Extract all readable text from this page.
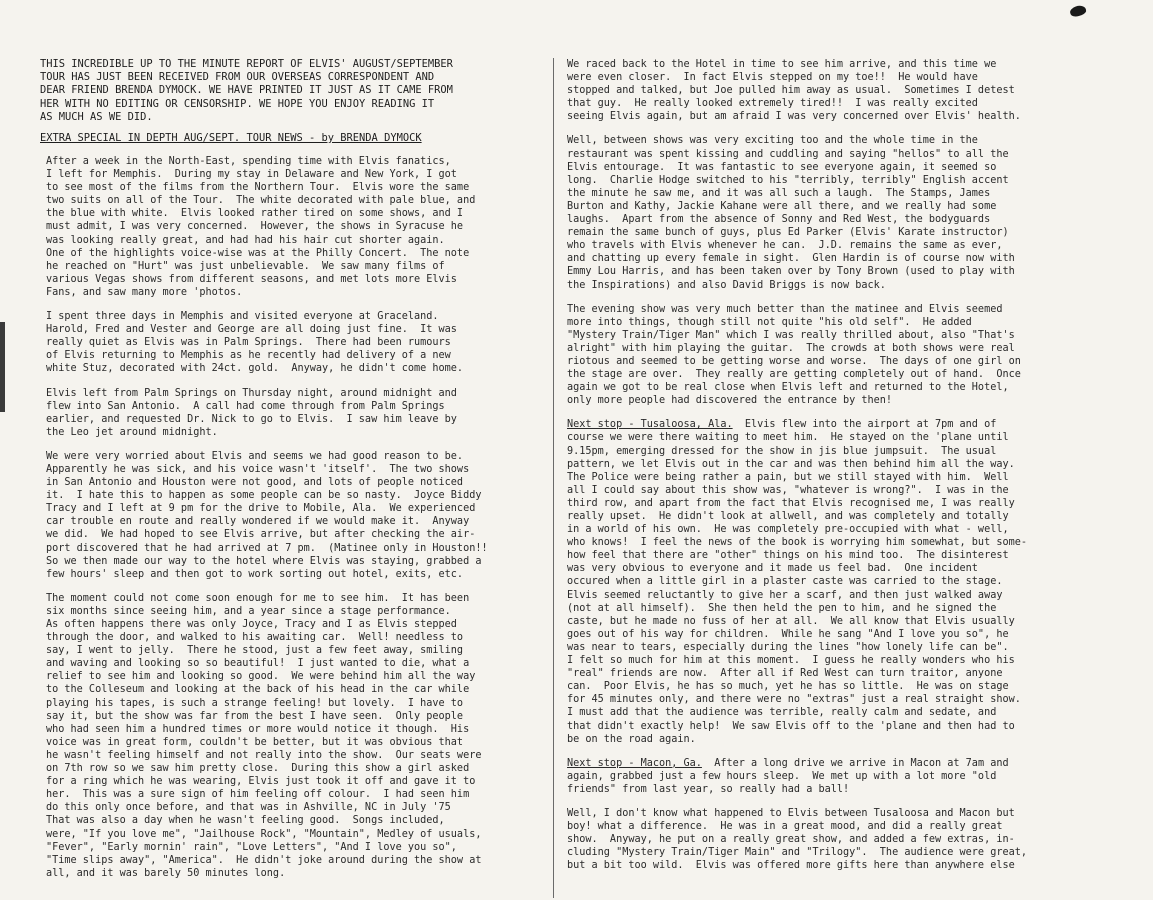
THIS INCREDIBLE UP TO THE MINUTE REPORT OF ELVIS' AUGUST/SEPTEMBER

TOUR HAS JUST BEEN RECEIVED FROM OUR OVERSEAS CORRESPONDENT AND

DEAR FRIEND BRENDA DYMOCK. WE HAVE PRINTED IT JUST AS IT CAME FROM

HER WITH NO EDITING OR CENSORSHIP. WE HOPE YOU ENJOY READING IT

AS MUCH AS WE DID.

EXTRA SPECIAL IN DEPTH AUG/SEPT. TOUR NEWS - by BRENDA DYMOCK

After a week in the North-East, spending time with Elvis fanatics,
I left for Memphis.  During my stay in Delaware and New York, I got
to see most of the films from the Northern Tour.  Elvis wore the same
two suits on all of the Tour.  The white decorated with pale blue, and
the blue with white.  Elvis looked rather tired on some shows, and I
must admit, I was very concerned.  However, the shows in Syracuse he
was looking really great, and had had his hair cut shorter again.
One of the highlights voice-wise was at the Philly Concert.  The note
he reached on "Hurt" was just unbelievable.  We saw many films of
various Vegas shows from different seasons, and met lots more Elvis
Fans, and saw many more 'photos.

I spent three days in Memphis and visited everyone at Graceland.
Harold, Fred and Vester and George are all doing just fine.  It was
really quiet as Elvis was in Palm Springs.  There had been rumours
of Elvis returning to Memphis as he recently had delivery of a new
white Stuz, decorated with 24ct. gold.  Anyway, he didn't come home.

Elvis left from Palm Springs on Thursday night, around midnight and
flew into San Antonio.  A call had come through from Palm Springs
earlier, and requested Dr. Nick to go to Elvis.  I saw him leave by
the Leo jet around midnight.

We were very worried about Elvis and seems we had good reason to be.
Apparently he was sick, and his voice wasn't 'itself'.  The two shows
in San Antonio and Houston were not good, and lots of people noticed
it.  I hate this to happen as some people can be so nasty.  Joyce Biddy
Tracy and I left at 9 pm for the drive to Mobile, Ala.  We experienced
car trouble en route and really wondered if we would make it.  Anyway
we did.  We had hoped to see Elvis arrive, but after checking the air-
port discovered that he had arrived at 7 pm.  (Matinee only in Houston!!
So we then made our way to the hotel where Elvis was staying, grabbed a
few hours' sleep and then got to work sorting out hotel, exits, etc.

The moment could not come soon enough for me to see him.  It has been
six months since seeing him, and a year since a stage performance.
As often happens there was only Joyce, Tracy and I as Elvis stepped
through the door, and walked to his awaiting car.  Well! needless to
say, I went to jelly.  There he stood, just a few feet away, smiling
and waving and looking so so beautiful!  I just wanted to die, what a
relief to see him and looking so good.  We were behind him all the way
to the Colleseum and looking at the back of his head in the car while
playing his tapes, is such a strange feeling! but lovely.  I have to
say it, but the show was far from the best I have seen.  Only people
who had seen him a hundred times or more would notice it though.  His
voice was in great form, couldn't be better, but it was obvious that
he wasn't feeling himself and not really into the show.  Our seats were
on 7th row so we saw him pretty close.  During this show a girl asked
for a ring which he was wearing, Elvis just took it off and gave it to
her.  This was a sure sign of him feeling off colour.  I had seen him
do this only once before, and that was in Ashville, NC in July '75
That was also a day when he wasn't feeling good.  Songs included,
were, "If you love me", "Jailhouse Rock", "Mountain", Medley of usuals,
"Fever", "Early mornin' rain", "Love Letters", "And I love you so",
"Time slips away", "America".  He didn't joke around during the show at
all, and it was barely 50 minutes long.

We raced back to the Hotel in time to see him arrive, and this time we
were even closer.  In fact Elvis stepped on my toe!!  He would have
stopped and talked, but Joe pulled him away as usual.  Sometimes I detest
that guy.  He really looked extremely tired!!  I was really excited
seeing Elvis again, but am afraid I was very concerned over Elvis' health.

Well, between shows was very exciting too and the whole time in the
restaurant was spent kissing and cuddling and saying "hellos" to all the
Elvis entourage.  It was fantastic to see everyone again, it seemed so
long.  Charlie Hodge switched to his "terribly, terribly" English accent
the minute he saw me, and it was all such a laugh.  The Stamps, James
Burton and Kathy, Jackie Kahane were all there, and we really had some
laughs.  Apart from the absence of Sonny and Red West, the bodyguards
remain the same bunch of guys, plus Ed Parker (Elvis' Karate instructor)
who travels with Elvis whenever he can.  J.D. remains the same as ever,
and chatting up every female in sight.  Glen Hardin is of course now with
Emmy Lou Harris, and has been taken over by Tony Brown (used to play with
the Inspirations) and also David Briggs is now back.

The evening show was very much better than the matinee and Elvis seemed
more into things, though still not quite "his old self".  He added
"Mystery Train/Tiger Man" which I was really thrilled about, also "That's
alright" with him playing the guitar.  The crowds at both shows were real
riotous and seemed to be getting worse and worse.  The days of one girl on
the stage are over.  They really are getting completely out of hand.  Once
again we got to be real close when Elvis left and returned to the Hotel,
only more people had discovered the entrance by then!

Next stop - Tusaloosa, Ala.  Elvis flew into the airport at 7pm and of
course we were there waiting to meet him.  He stayed on the 'plane until
9.15pm, emerging dressed for the show in jis blue jumpsuit.  The usual
pattern, we let Elvis out in the car and was then behind him all the way.
The Police were being rather a pain, but we still stayed with him.  Well
all I could say about this show was, "whatever is wrong?".  I was in the
third row, and apart from the fact that Elvis recognised me, I was really
really upset.  He didn't look at allwell, and was completely and totally
in a world of his own.  He was completely pre-occupied with what - well,
who knows!  I feel the news of the book is worrying him somewhat, but some-
how feel that there are "other" things on his mind too.  The disinterest
was very obvious to everyone and it made us feel bad.  One incident
occured when a little girl in a plaster caste was carried to the stage.
Elvis seemed reluctantly to give her a scarf, and then just walked away
(not at all himself).  She then held the pen to him, and he signed the
caste, but he made no fuss of her at all.  We all know that Elvis usually
goes out of his way for children.  While he sang "And I love you so", he
was near to tears, especially during the lines "how lonely life can be".
I felt so much for him at this moment.  I guess he really wonders who his
"real" friends are now.  After all if Red West can turn traitor, anyone
can.  Poor Elvis, he has so much, yet he has so little.  He was on stage
for 45 minutes only, and there were no "extras" just a real straight show.
I must add that the audience was terrible, really calm and sedate, and
that didn't exactly help!  We saw Elvis off to the 'plane and then had to
be on the road again.

Next stop - Macon, Ga.  After a long drive we arrive in Macon at 7am and
again, grabbed just a few hours sleep.  We met up with a lot more "old
friends" from last year, so really had a ball!

Well, I don't know what happened to Elvis between Tusaloosa and Macon but
boy! what a difference.  He was in a great mood, and did a really great
show.  Anyway, he put on a really great show, and added a few extras, in-
cluding "Mystery Train/Tiger Main" and "Trilogy".  The audience were great,
but a bit too wild.  Elvis was offered more gifts here than anywhere else
